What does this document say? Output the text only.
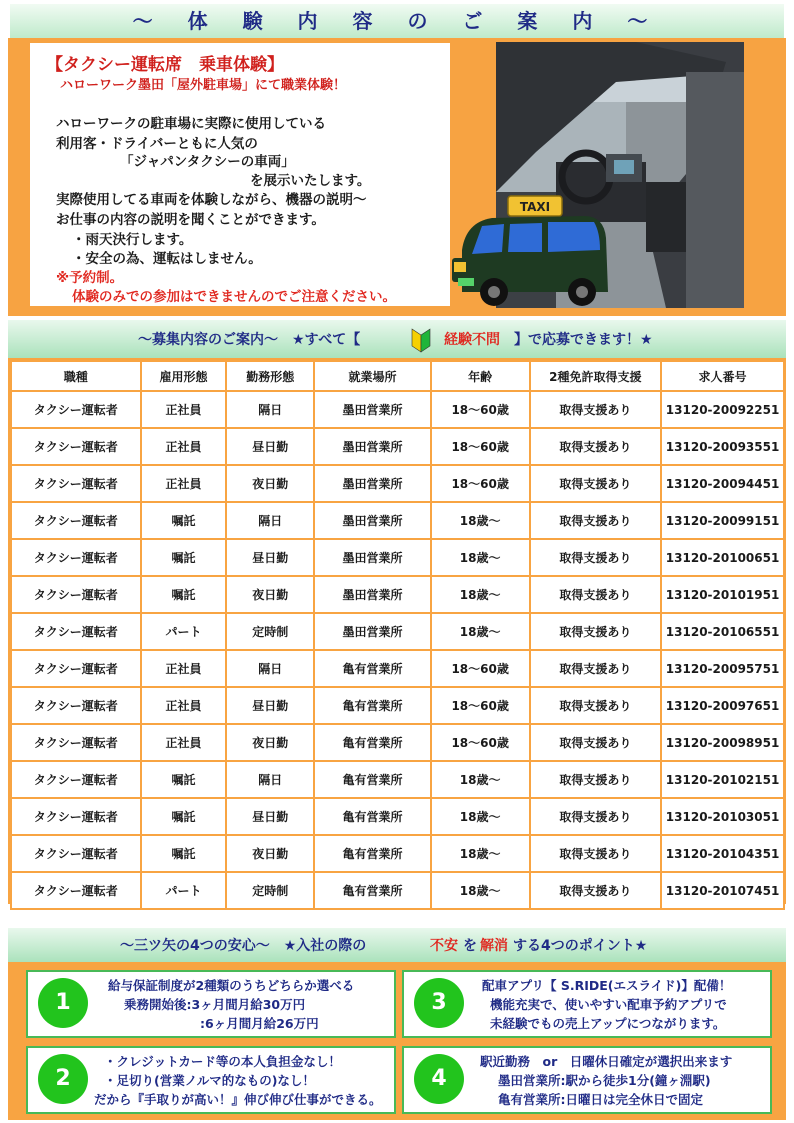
～ 体 験 内 容 の ご 案 内 ～
【タクシー運転席　乗車体験】
ハローワーク墨田「屋外駐車場」にて職業体験！
ハローワークの駐車場に実際に使用している
利用客・ドライバーともに人気の
「ジャパンタクシーの車両」
を展示いたします。
実際使用してる車両を体験しながら、機器の説明～
お仕事の内容の説明を聞くことができます。
・雨天決行します。
・安全の為、運転はしません。
※予約制。
体験のみでの参加はできませんのでご注意ください。
TAXI
～募集内容のご案内～　★すべて【	経験不問 】で応募できます！★
職種	雇用形態	勤務形態	就業場所	年齢	2種免許取得支援	求人番号
タクシー運転者	正社員	隔日	墨田営業所	18～60歳	取得支援あり	13120-20092251
タクシー運転者	正社員	昼日勤	墨田営業所	18～60歳	取得支援あり	13120-20093551
タクシー運転者	正社員	夜日勤	墨田営業所	18～60歳	取得支援あり	13120-20094451
タクシー運転者	嘱託	隔日	墨田営業所	18歳～	取得支援あり	13120-20099151
タクシー運転者	嘱託	昼日勤	墨田営業所	18歳～	取得支援あり	13120-20100651
タクシー運転者	嘱託	夜日勤	墨田営業所	18歳～	取得支援あり	13120-20101951
タクシー運転者	パート	定時制	墨田営業所	18歳～	取得支援あり	13120-20106551
タクシー運転者	正社員	隔日	亀有営業所	18～60歳	取得支援あり	13120-20095751
タクシー運転者	正社員	昼日勤	亀有営業所	18～60歳	取得支援あり	13120-20097651
タクシー運転者	正社員	夜日勤	亀有営業所	18～60歳	取得支援あり	13120-20098951
タクシー運転者	嘱託	隔日	亀有営業所	18歳～	取得支援あり	13120-20102151
タクシー運転者	嘱託	昼日勤	亀有営業所	18歳～	取得支援あり	13120-20103051
タクシー運転者	嘱託	夜日勤	亀有営業所	18歳～	取得支援あり	13120-20104351
タクシー運転者	パート	定時制	亀有営業所	18歳～	取得支援あり	13120-20107451
～三ツ矢の4つの安心～　★入社の際の	不安 を 解消 する4つのポイント★
1
給与保証制度が2種類のうちどちらか選べる
乗務開始後:3ヶ月間月給30万円
:6ヶ月間月給26万円
2
・クレジットカード等の本人負担金なし！
・足切り(営業ノルマ的なもの)なし！
だから『手取りが高い！』伸び伸び仕事ができる。
3
配車アプリ【 S.RIDE(エスライド)】配備！
機能充実で、使いやすい配車予約アプリで
未経験でもの売上アップにつながります。
4
駅近勤務　or　日曜休日確定が選択出来ます
墨田営業所:駅から徒歩1分(鐘ヶ淵駅)
亀有営業所:日曜日は完全休日で固定
